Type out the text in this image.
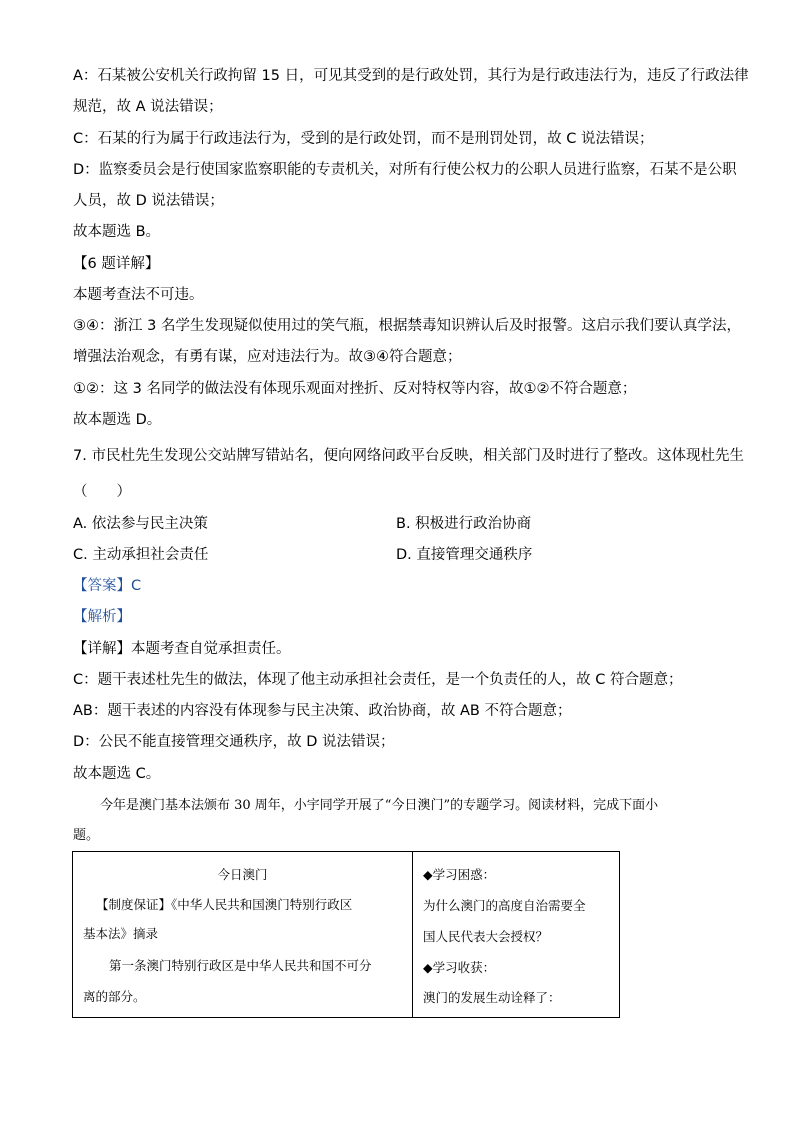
A：石某被公安机关行政拘留 15 日，可见其受到的是行政处罚，其行为是行政违法行为，违反了行政法律
规范，故 A 说法错误；
C：石某的行为属于行政违法行为，受到的是行政处罚，而不是刑罚处罚，故 C 说法错误；
D：监察委员会是行使国家监察职能的专责机关，对所有行使公权力的公职人员进行监察，石某不是公职
人员，故 D 说法错误；
故本题选 B。
【6 题详解】
本题考查法不可违。
③④：浙江 3 名学生发现疑似使用过的笑气瓶，根据禁毒知识辨认后及时报警。这启示我们要认真学法，
增强法治观念，有勇有谋，应对违法行为。故③④符合题意；
①②：这 3 名同学的做法没有体现乐观面对挫折、反对特权等内容，故①②不符合题意；
故本题选 D。
7. 市民杜先生发现公交站牌写错站名，便向网络问政平台反映，相关部门及时进行了整改。这体现杜先生
（　　）
A. 依法参与民主决策	B. 积极进行政治协商
C. 主动承担社会责任	D. 直接管理交通秩序
【答案】C
【解析】
【详解】本题考查自觉承担责任。
C：题干表述杜先生的做法，体现了他主动承担社会责任，是一个负责任的人，故 C 符合题意；
AB：题干表述的内容没有体现参与民主决策、政治协商，故 AB 不符合题意；
D：公民不能直接管理交通秩序，故 D 说法错误；
故本题选 C。
今年是澳门基本法颁布 30 周年，小宇同学开展了“今日澳门”的专题学习。阅读材料，完成下面小
题。
今日澳门
【制度保证】《中华人民共和国澳门特别行政区
基本法》摘录
第一条澳门特别行政区是中华人民共和国不可分
离的部分。
◆学习困惑：
为什么澳门的高度自治需要全
国人民代表大会授权？
◆学习收获：
澳门的发展生动诠释了：
